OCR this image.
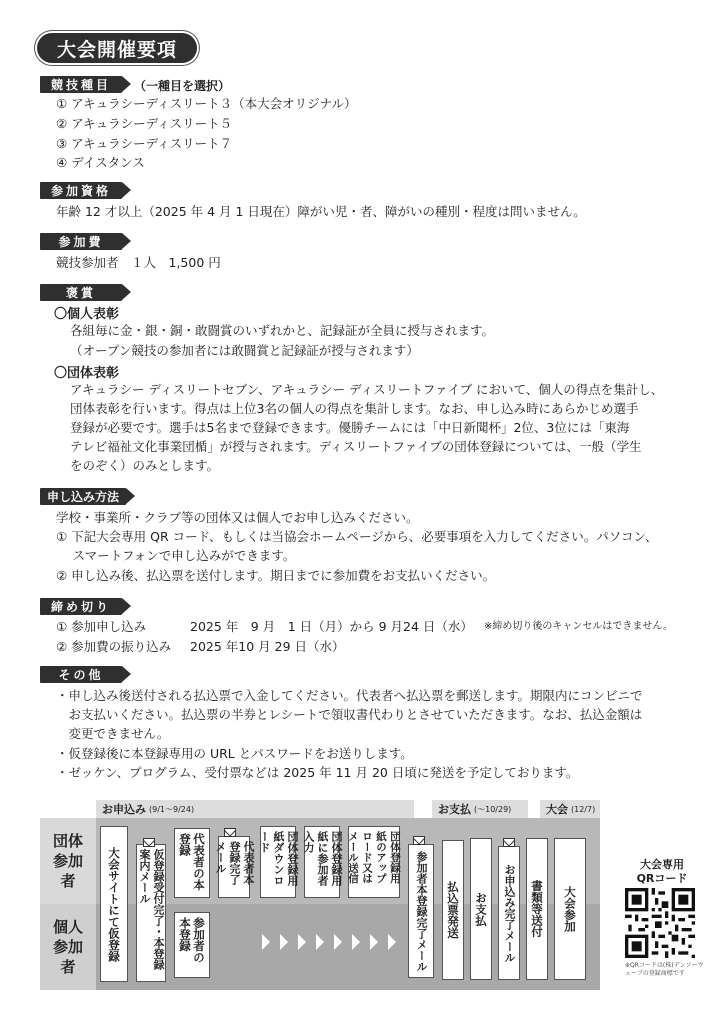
大会開催要項
競技種目	（一種目を選択）
① アキュラシーディスリート３（本大会オリジナル）
② アキュラシーディスリート５
③ アキュラシーディスリート７
④ デイスタンス
参加資格
年齢 12 才以上（2025 年 4 月 1 日現在）障がい児・者、障がいの種別・程度は問いません。
参加費
競技参加者　１人　1,500 円
褒賞
〇個人表彰
各組毎に金・銀・銅・敢闘賞のいずれかと、記録証が全員に授与されます。
（オープン競技の参加者には敢闘賞と記録証が授与されます）
〇団体表彰
アキュラシー ディスリートセブン、アキュラシー ディスリートファイブ において、個人の得点を集計し、
団体表彰を行います。得点は上位3名の個人の得点を集計します。なお、申し込み時にあらかじめ選手
登録が必要です。選手は5名まで登録できます。優勝チームには「中日新聞杯」2位、3位には「東海
テレビ福祉文化事業団楯」が授与されます。ディスリートファイブの団体登録については、一般（学生
をのぞく）のみとします。
申し込み方法
学校・事業所・クラブ等の団体又は個人でお申し込みください。
① 下記大会専用 QR コード、もしくは当協会ホームページから、必要事項を入力してください。パソコン、
　 スマートフォンで申し込みができます。
② 申し込み後、払込票を送付します。期日までに参加費をお支払いください。
締め切り
① 参加申し込み	2025 年　9 月　1 日（月）から 9 月24 日（水） ※締め切り後のキャンセルはできません。
② 参加費の振り込み 2025 年10 月 29 日（水）
その他
・申し込み後送付される払込票で入金してください。代表者へ払込票を郵送します。期限内にコンビニで
　お支払いください。払込票の半券とレシートで領収書代わりとさせていただきます。なお、払込金額は
　変更できません。
・仮登録後に本登録専用の URL とパスワードをお送りします。
・ゼッケン、プログラム、受付票などは 2025 年 11 月 20 日頃に発送を予定しております。
お申込み (9/1～9/24)	お支払 (～10/29)	大会 (12/7)
団体参加者
個人参加者
大会サイトにて仮登録	仮登録受付完了・本登録案内メール	代表者の本登録
参加者の本登録
代表者本登録完了メール	団体登録用紙ダウンロード	団体登録用紙に参加者入力	団体登録用紙のアップロード又はメール送信	参加者本登録完了メール	払込票発送	お支払	お申込み完了メール	書類等送付	大会参加
大会専用
QRコード
※QRコードは(株)デンソーウェーブの登録商標です
